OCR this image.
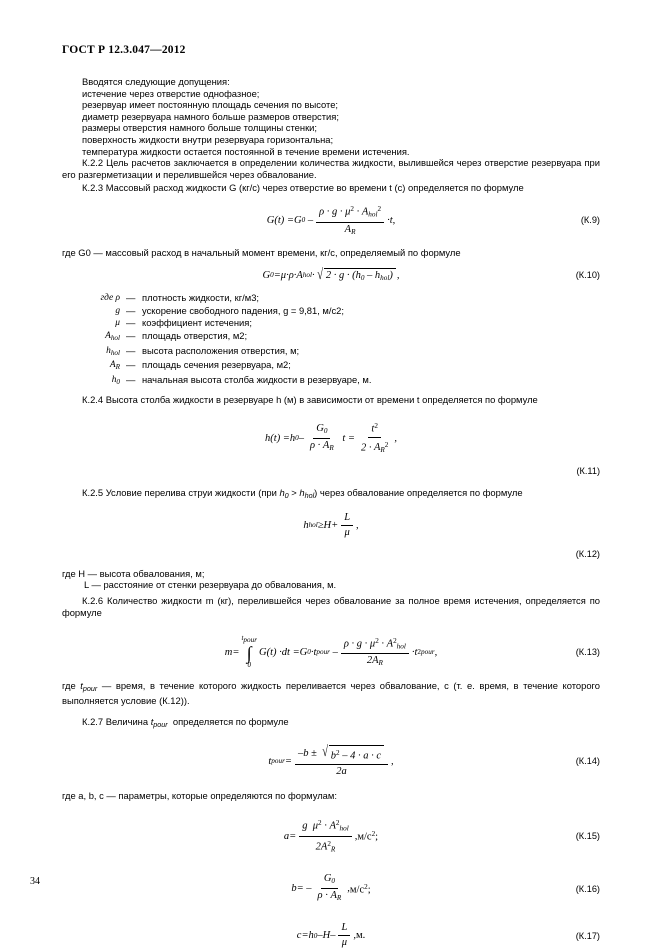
ГОСТ Р 12.3.047—2012
Вводятся следующие допущения:
истечение через отверстие однофазное;
резервуар имеет постоянную площадь сечения по высоте;
диаметр резервуара намного больше размеров отверстия;
размеры отверстия намного больше толщины стенки;
поверхность жидкости внутри резервуара горизонтальна;
температура жидкости остается постоянной в течение времени истечения.

К.2.2 Цель расчетов заключается в определении количества жидкости, вылившейся через отверстие резервуара при его разгерметизации и перелившейся через обвалование.

К.2.3 Массовый расход жидкости G (кг/с) через отверстие во времени t (c) определяется по формуле

G ( t ) = G $0 - \frac{\rho \cdot g \cdot \mu^2 \cdot A_{hol}^2}{A_R} \cdot t$ ,	(К.9)

где G0 — массовый расход в начальный момент времени, кг/с, определяемый по формуле

G 0 = μ · ρ · A hol · √ $2 \cdot g \cdot (h_0 - h_{hol})$ ,	(К.10)
где ρ — плотность жидкости, кг/м3;
g — ускорение свободного падения, g = 9,81, м/с2;
μ — коэффициент истечения;
$A_{hol}$ — площадь отверстия, м2;
$h_{hol}$ — высота расположения отверстия, м;
$A_R$ — площадь сечения резервуара, м2;
$h_0$ — начальная высота столба жидкости в резервуаре, м.

К.2.4 Высота столба жидкости в резервуаре h (м) в зависимости от времени t определяется по формуле

h ( t ) = h $0 - \frac{G_0}{\rho \cdot A_R}$
$t = \frac{t^2}{2 \cdot A_R^2}$ ,
(К.11)

К.2.5 Условие перелива струи жидкости (при $h_0 > h_{hol}$) через обвалование определяется по формуле

h hol ≥ $H + \frac{L}{\mu}$ ,
(К.12)

где H — высота обвалования, м;

L — расстояние от стенки резервуара до обвалования, м.

К.2.6 Количество жидкости m (кг), перелившейся через обвалование за полное время истечения, определяется по формуле

m =
$t_{pour}$
∫
0
G ( t ) · dt = G 0 · t pour – $\frac{\rho \cdot g \cdot \mu^2 \cdot A^2_{hol}}{2A_R} \cdot t$ 2 pour ,	(К.13)

где $t_{pour}$ — время, в течение которого жидкость переливается через обвалование, с (т. е. время, в течение которого выполняется условие (К.12)).

К.2.7 Величина $t_{pour}$  определяется по формуле

t pour = $\frac{-b \pm √ b^2 - 4 \cdot a \cdot c}{2a}$ ,	(К.14)

где a, b, c — параметры, которые определяются по формулам:

$a = \frac{g \mu^2 \cdot A^2_{hol}}{2A^2_R}$ , $м/с^2$;	(К.15)
b = – $\frac{G_0}{\rho \cdot A_R}$ , $м/с^2$;	(К.16)
c = h 0 – H – $\frac{L}{\mu}$ , м.	(К.17)
34
